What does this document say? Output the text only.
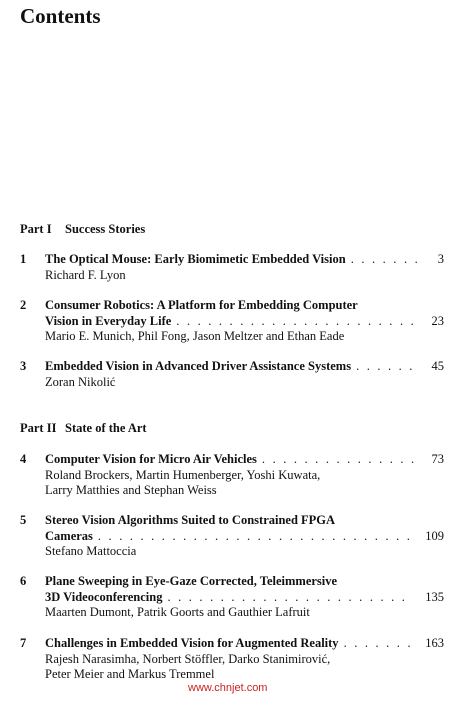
Contents
Part I Success Stories
1 The Optical Mouse: Early Biomimetic Embedded Vision . . .	3
Richard F. Lyon
2 Consumer Robotics: A Platform for Embedding Computer
Vision in Everyday Life . . .	23
Mario E. Munich, Phil Fong, Jason Meltzer and Ethan Eade
3 Embedded Vision in Advanced Driver Assistance Systems . . .	45
Zoran Nikolić
Part II State of the Art
4 Computer Vision for Micro Air Vehicles . . .	73
Roland Brockers, Martin Humenberger, Yoshi Kuwata,
Larry Matthies and Stephan Weiss
5 Stereo Vision Algorithms Suited to Constrained FPGA
Cameras . . .	109
Stefano Mattoccia
6 Plane Sweeping in Eye-Gaze Corrected, Teleimmersive
3D Videoconferencing . . .	135
Maarten Dumont, Patrik Goorts and Gauthier Lafruit
7 Challenges in Embedded Vision for Augmented Reality . . .	163
Rajesh Narasimha, Norbert Stöffler, Darko Stanimirović,
Peter Meier and Markus Tremmel
www.chnjet.com
